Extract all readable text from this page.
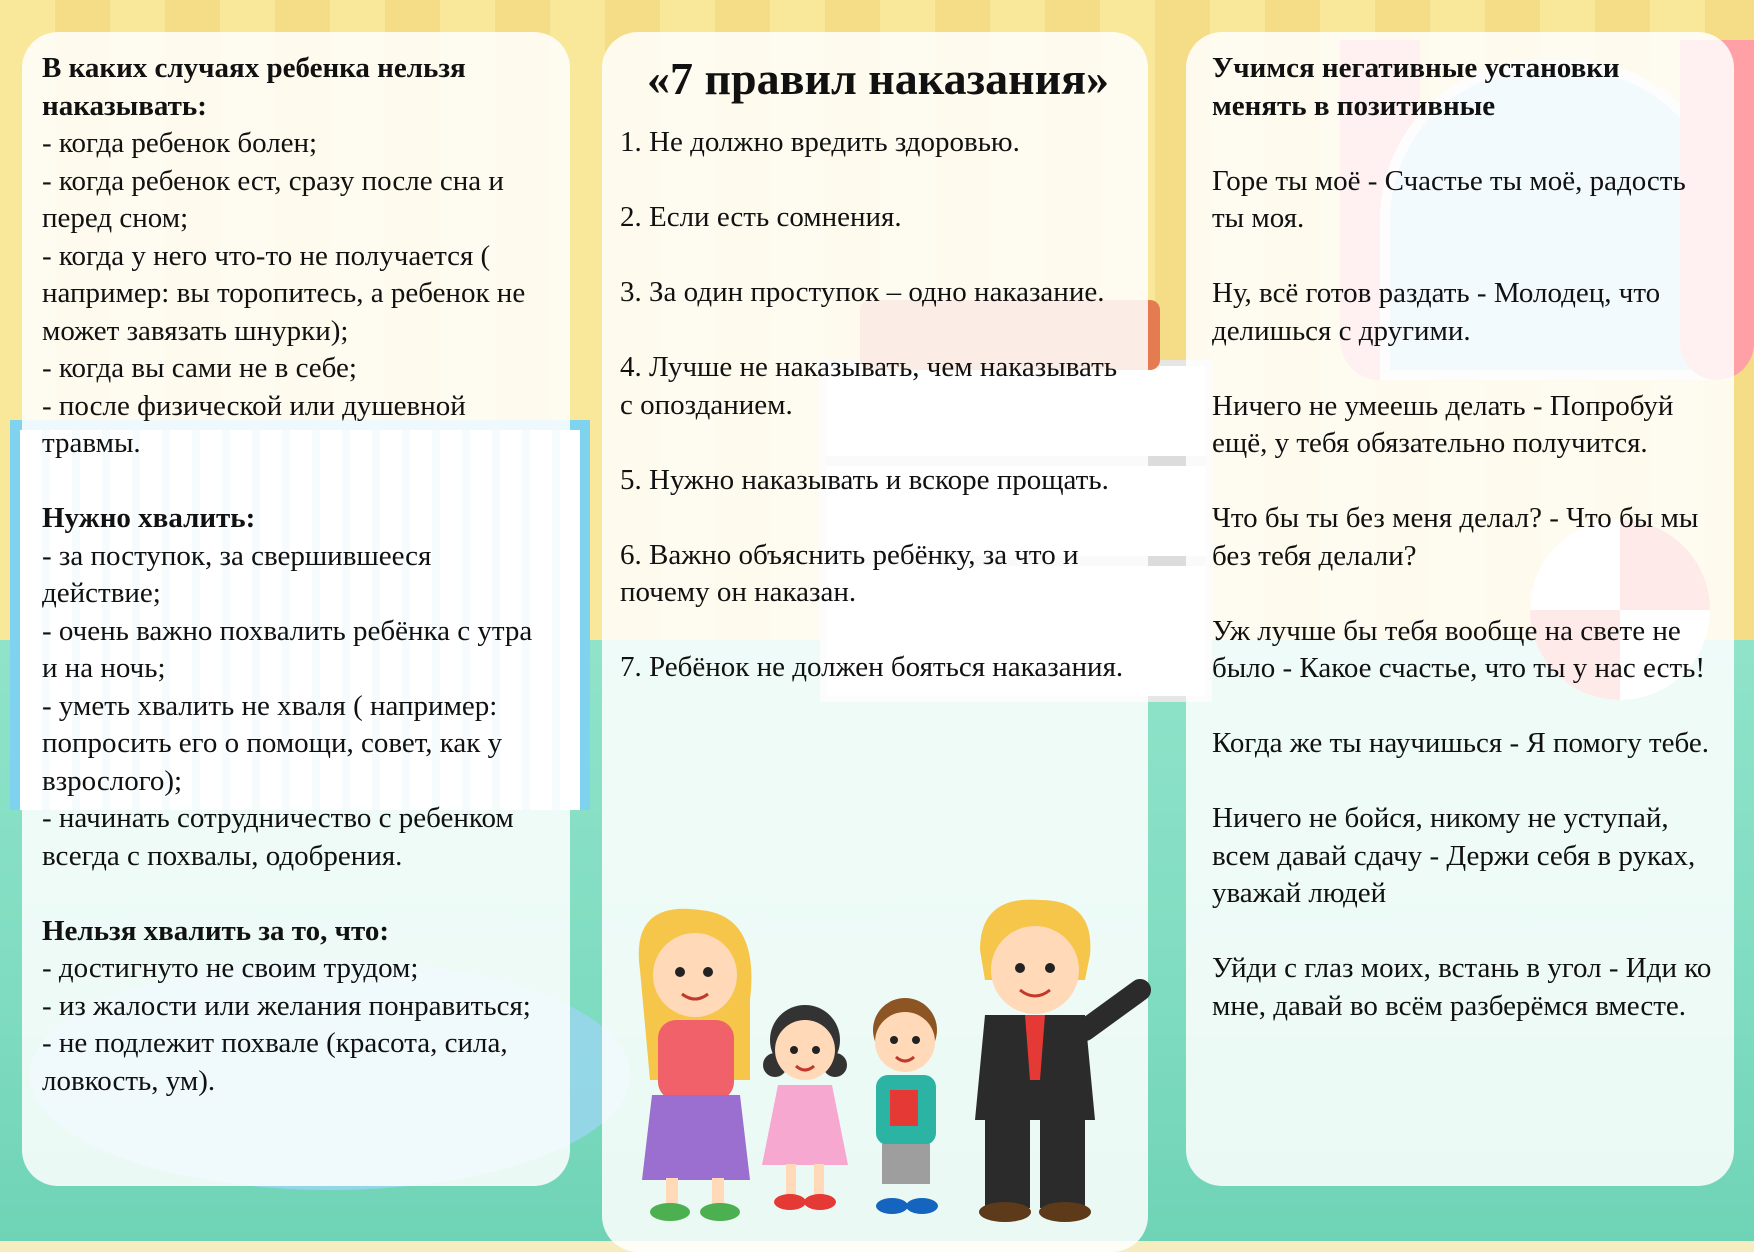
В каких случаях ребенка нельзя
наказывать:

- когда ребенок болен;
- когда ребенок ест, сразу после сна и перед сном;
- когда у него что-то не получается ( например: вы торопитесь, а ребенок не может завязать шнурки);
- когда вы сами не в себе;
- после физической или душевной травмы.

Нужно хвалить:

- за поступок, за свершившееся действие;
- очень важно похвалить ребёнка с утра и на ночь;
- уметь хвалить не хваля ( например: попросить его о помощи, совет, как у взрослого);
- начинать сотрудничество с ребенком всегда с похвалы, одобрения.

Нельзя хвалить за то, что:

- достигнуто не своим трудом;
- из жалости или желания понравиться;
- не подлежит похвале (красота, сила, ловкость, ум).
«7 правил наказания»
1. Не должно вредить здоровью.
2. Если есть сомнения.
3. За один проступок – одно наказание.
4. Лучше не наказывать, чем наказывать с опозданием.
5. Нужно наказывать и вскоре прощать.
6. Важно объяснить ребёнку, за что и почему он наказан.
7. Ребёнок не должен бояться наказания.

Учимся негативные установки
менять в позитивные

Горе ты моё - Счастье ты моё, радость ты моя.
Ну, всё готов раздать - Молодец, что делишься с другими.
Ничего не умеешь делать - Попробуй ещё, у тебя обязательно получится.
Что бы ты без меня делал? - Что бы мы без тебя делали?
Уж лучше бы тебя вообще на свете не было - Какое счастье, что ты у нас есть!
Когда же ты научишься - Я помогу тебе.
Ничего не бойся, никому не уступай, всем давай сдачу - Держи себя в руках, уважай людей
Уйди с глаз моих, встань в угол - Иди ко мне, давай во всём разберёмся вместе.
